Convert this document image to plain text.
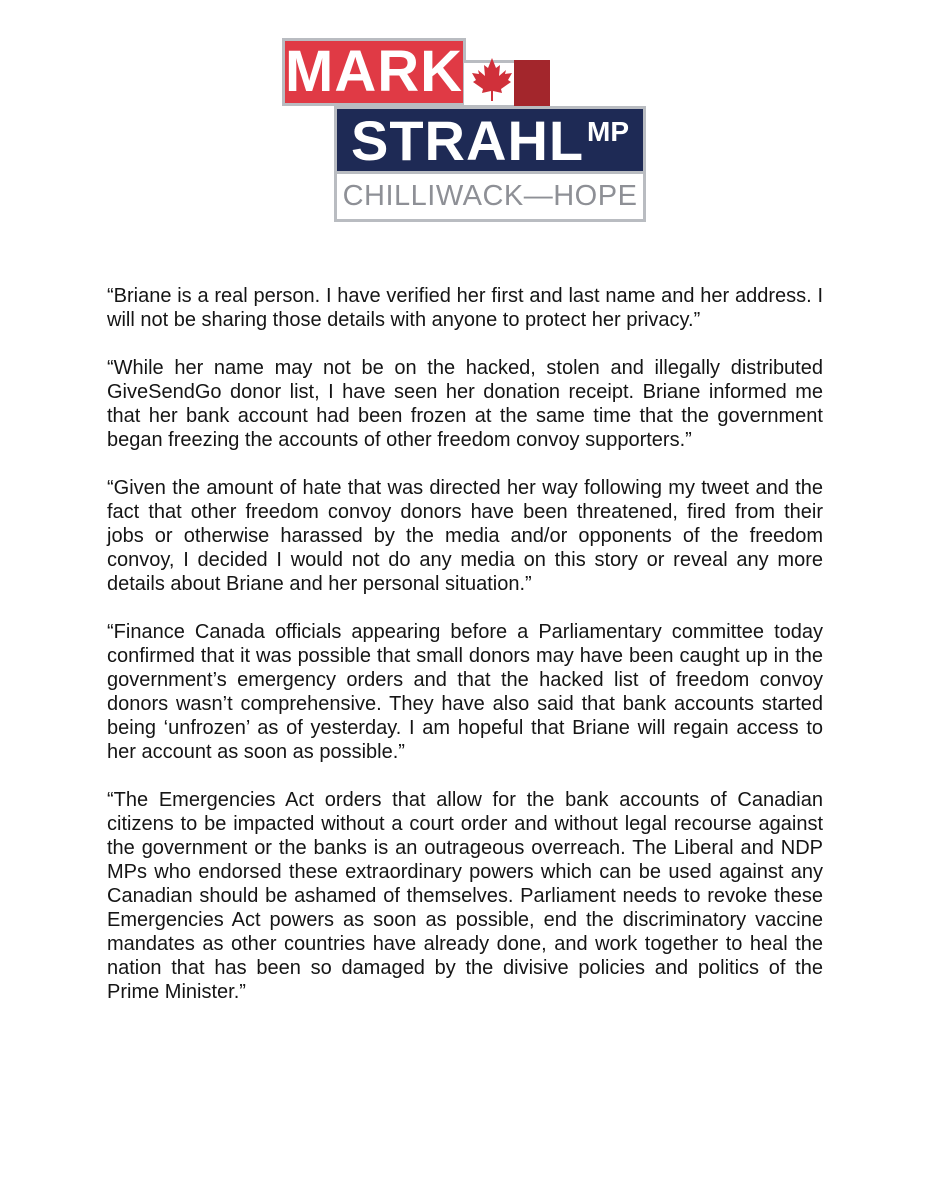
MARK
STRAHL MP
CHILLIWACK—HOPE

“Briane is a real person. I have verified her first and last name and her address. I will not be sharing those details with anyone to protect her privacy.”

“While her name may not be on the hacked, stolen and illegally distributed GiveSendGo donor list, I have seen her donation receipt. Briane informed me that her bank account had been frozen at the same time that the government began freezing the accounts of other freedom convoy supporters.”

“Given the amount of hate that was directed her way following my tweet and the fact that other freedom convoy donors have been threatened, fired from their jobs or otherwise harassed by the media and/or opponents of the freedom convoy, I decided I would not do any media on this story or reveal any more details about Briane and her personal situation.”

“Finance Canada officials appearing before a Parliamentary committee today confirmed that it was possible that small donors may have been caught up in the government’s emergency orders and that the hacked list of freedom convoy donors wasn’t comprehensive. They have also said that bank accounts started being ‘unfrozen’ as of yesterday. I am hopeful that Briane will regain access to her account as soon as possible.”

“The Emergencies Act orders that allow for the bank accounts of Canadian citizens to be impacted without a court order and without legal recourse against the government or the banks is an outrageous overreach. The Liberal and NDP MPs who endorsed these extraordinary powers which can be used against any Canadian should be ashamed of themselves. Parliament needs to revoke these Emergencies Act powers as soon as possible, end the discriminatory vaccine mandates as other countries have already done, and work together to heal the nation that has been so damaged by the divisive policies and politics of the Prime Minister.”
